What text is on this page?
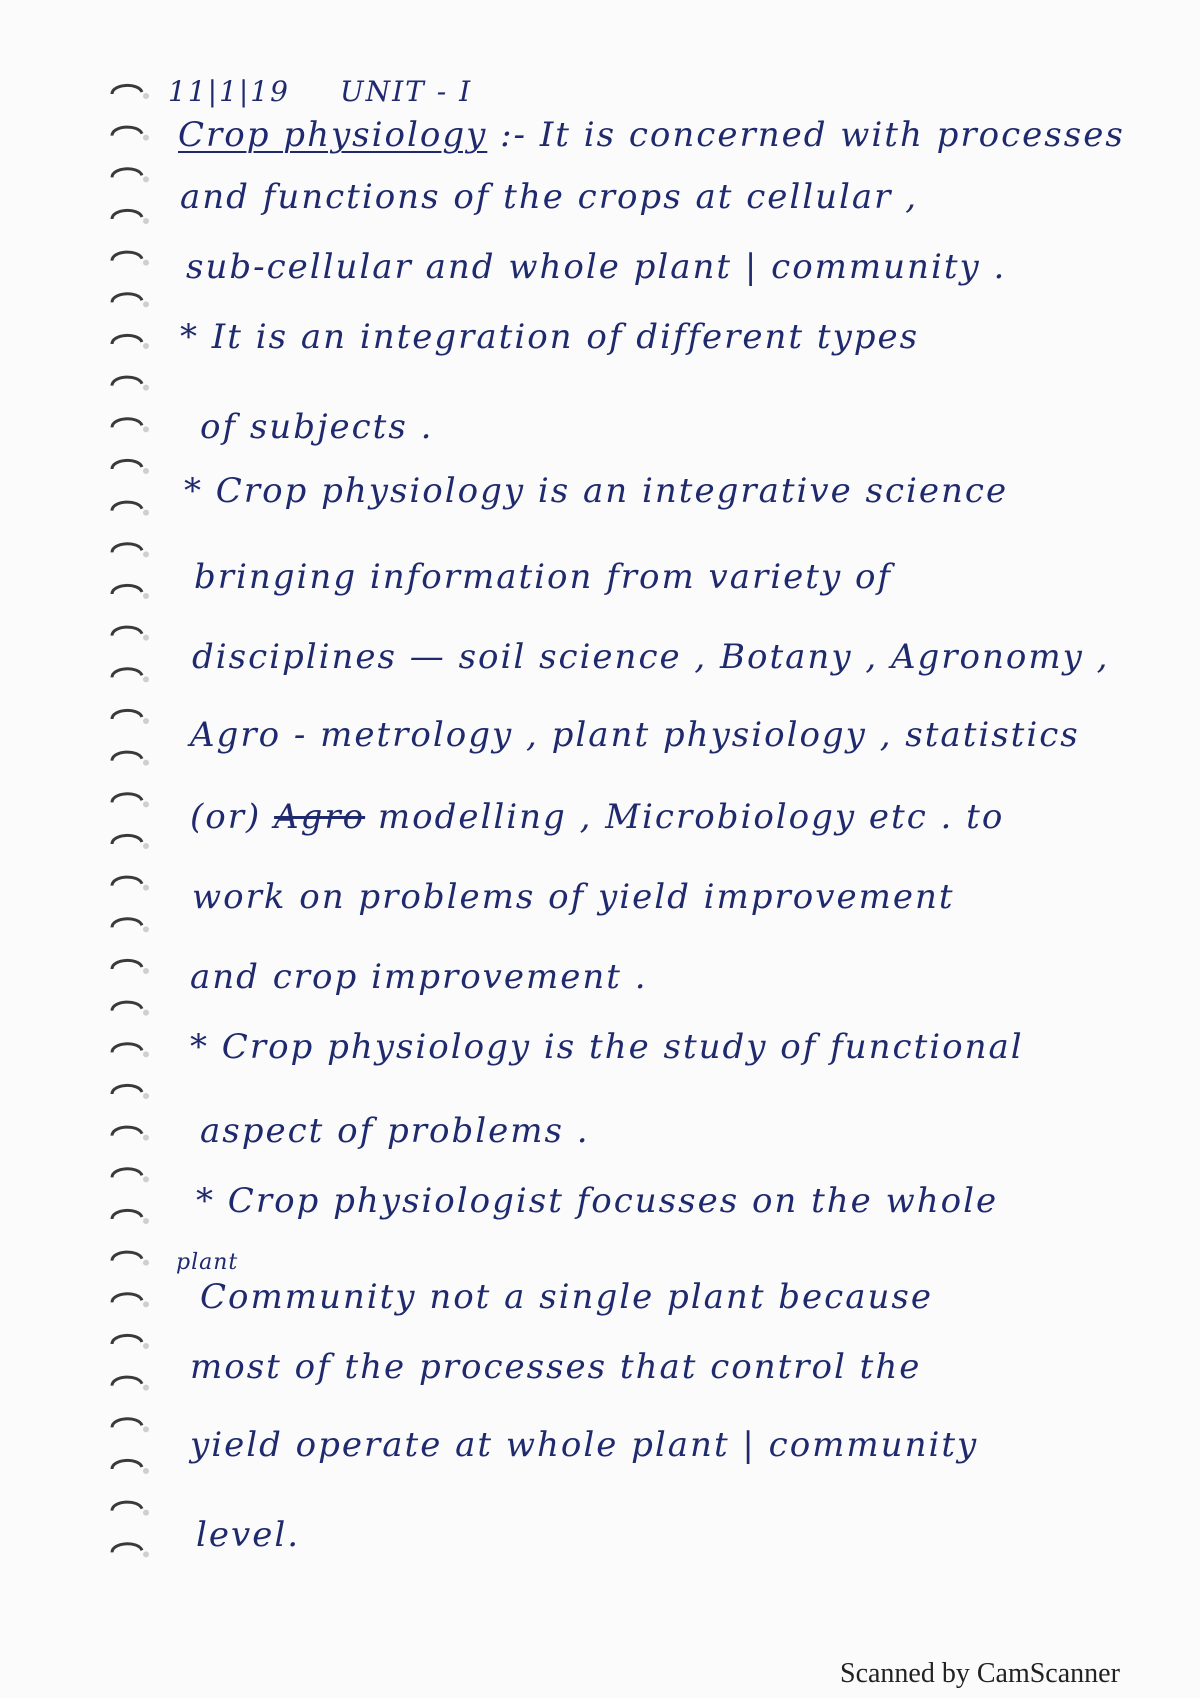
11|1|19 UNIT - I
Crop physiology :- It is concerned with processes
and functions of the crops at cellular ,
sub-cellular and whole plant | community .
* It is an integration of different types
of subjects .
* Crop physiology is an integrative science
bringing information from variety of
disciplines — soil science , Botany , Agronomy ,
Agro - metrology , plant physiology , statistics
(or) Agro modelling , Microbiology etc . to
work on problems of yield improvement
and crop improvement .
* Crop physiology is the study of functional
aspect of problems .
* Crop physiologist focusses on the whole
plant
Community not a single plant because
most of the processes that control the
yield operate at whole plant | community
level.
Scanned by CamScanner
